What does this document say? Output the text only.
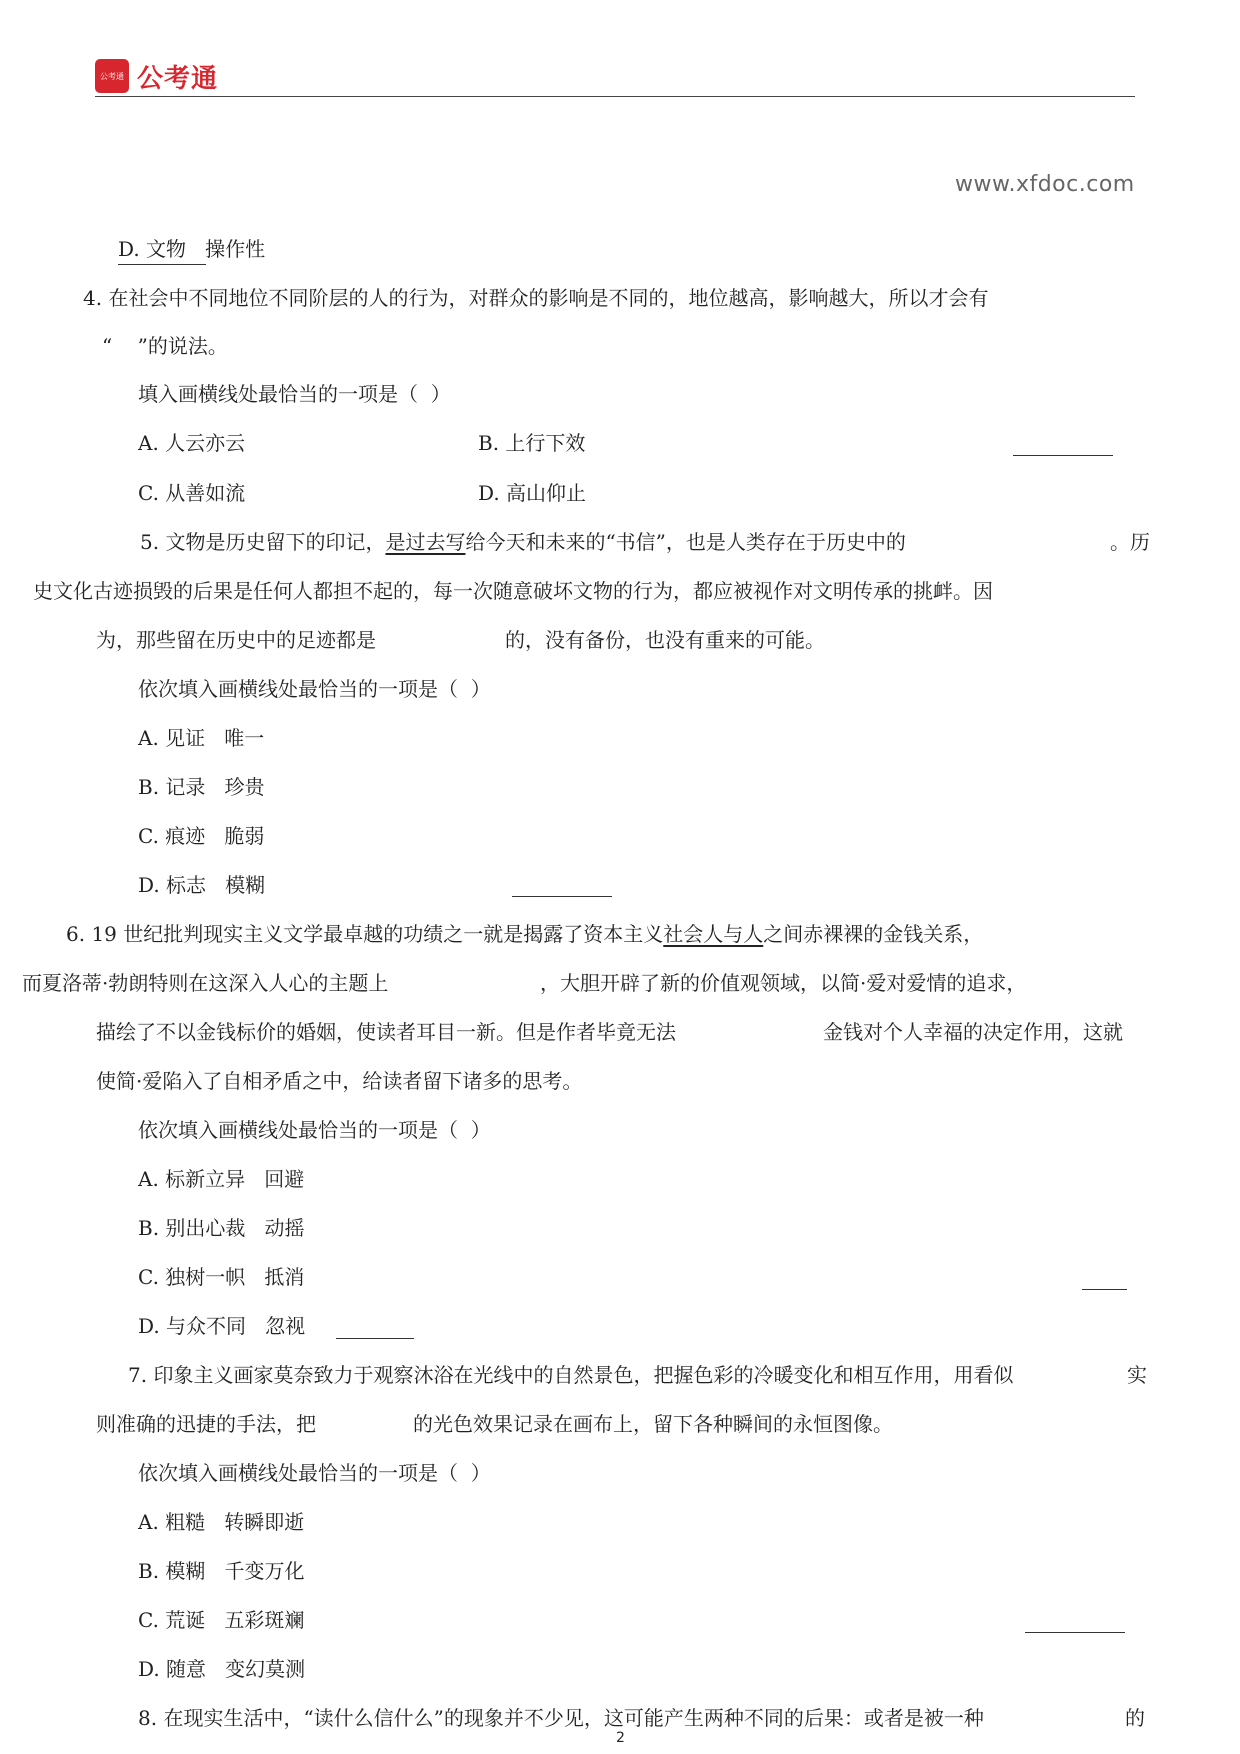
公考通 公考通
www.xfdoc.com
D. 文物   操作性
4. 在社会中不同地位不同阶层的人的行为，对群众的影响是不同的，地位越高，影响越大，所以才会有
“    ”的说法。
填入画横线处最恰当的一项是（  ）
A. 人云亦云	B. 上行下效
C. 从善如流	D. 高山仰止
5. 文物是历史留下的印记，是过去写给今天和未来的“书信”，也是人类存在于历史中的	。历
史文化古迹损毁的后果是任何人都担不起的，每一次随意破坏文物的行为，都应被视作对文明传承的挑衅。因
为，那些留在历史中的足迹都是	的，没有备份，也没有重来的可能。
依次填入画横线处最恰当的一项是（  ）
A. 见证   唯一
B. 记录   珍贵
C. 痕迹   脆弱
D. 标志   模糊
6. 19 世纪批判现实主义文学最卓越的功绩之一就是揭露了资本主义社会人与人之间赤裸裸的金钱关系，
而夏洛蒂·勃朗特则在这深入人心的主题上	，大胆开辟了新的价值观领域，以简·爱对爱情的追求，
描绘了不以金钱标价的婚姻，使读者耳目一新。但是作者毕竟无法	金钱对个人幸福的决定作用，这就
使简·爱陷入了自相矛盾之中，给读者留下诸多的思考。
依次填入画横线处最恰当的一项是（  ）
A. 标新立异   回避
B. 别出心裁   动摇
C. 独树一帜   抵消
D. 与众不同   忽视
7. 印象主义画家莫奈致力于观察沐浴在光线中的自然景色，把握色彩的冷暖变化和相互作用，用看似	实
则准确的迅捷的手法，把	的光色效果记录在画布上，留下各种瞬间的永恒图像。
依次填入画横线处最恰当的一项是（  ）
A. 粗糙   转瞬即逝
B. 模糊   千变万化
C. 荒诞   五彩斑斓
D. 随意   变幻莫测
8. 在现实生活中，“读什么信什么”的现象并不少见，这可能产生两种不同的后果：或者是被一种	的
2
